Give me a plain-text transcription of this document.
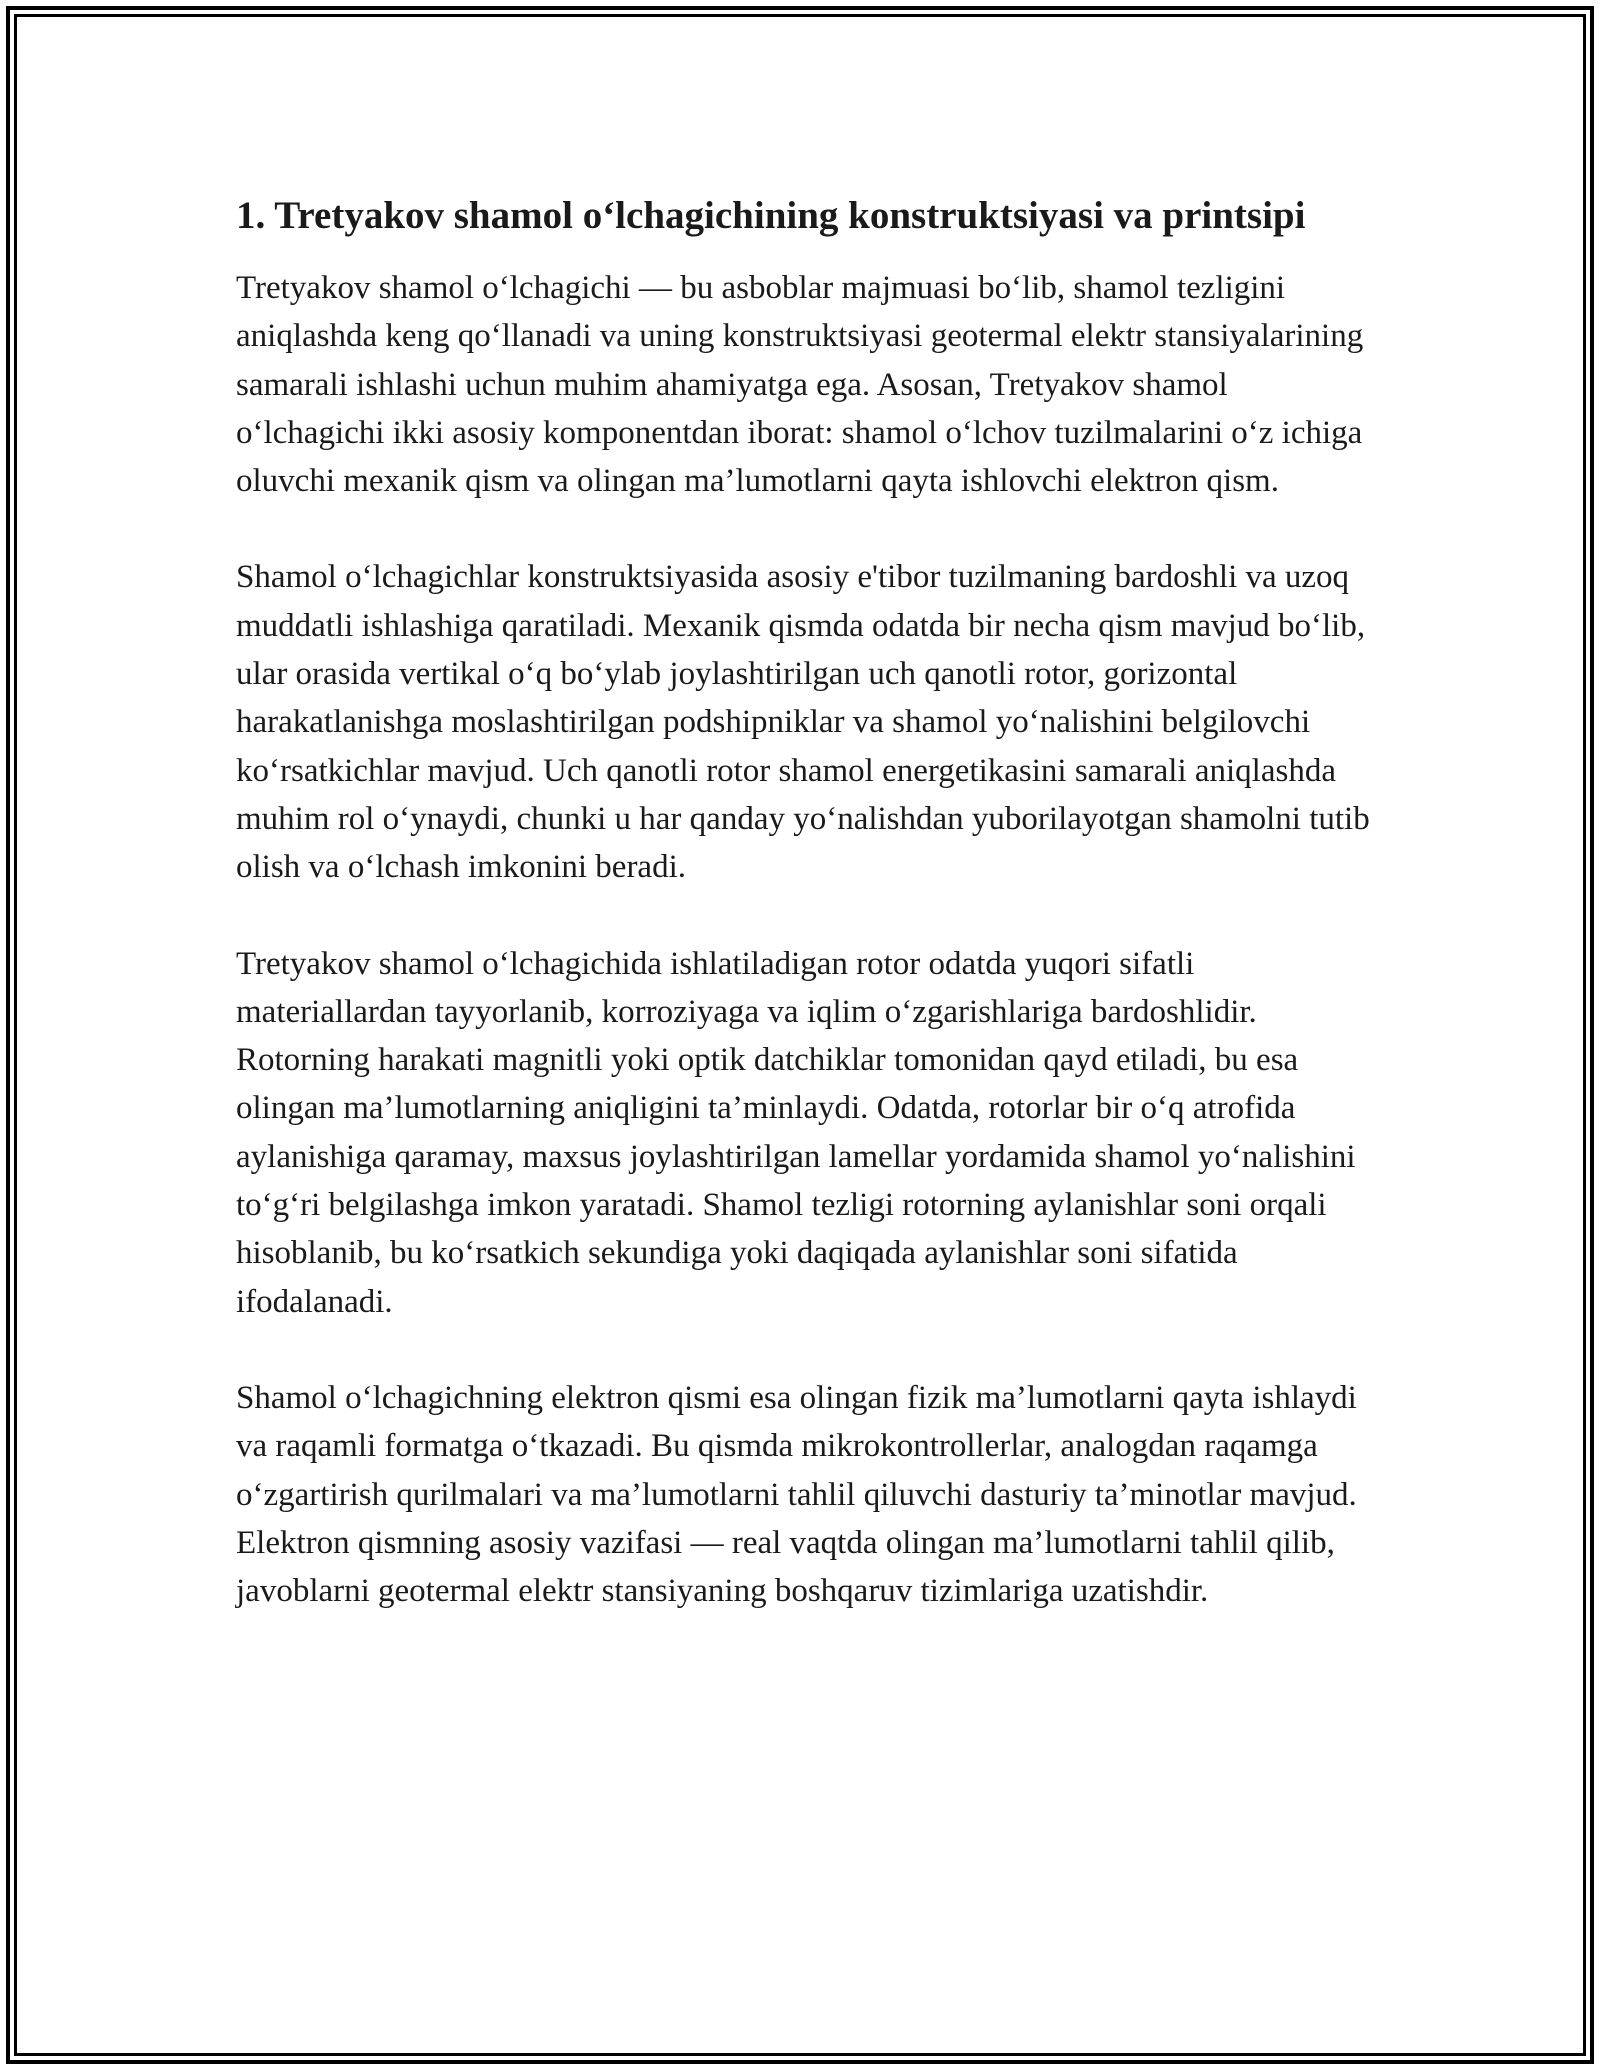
1. Tretyakov shamol o‘lchagichining konstruktsiyasi va printsipi

Tretyakov shamol o‘lchagichi — bu asboblar majmuasi bo‘lib, shamol tezligini aniqlashda keng qo‘llanadi va uning konstruktsiyasi geotermal elektr stansiyalarining samarali ishlashi uchun muhim ahamiyatga ega. Asosan, Tretyakov shamol o‘lchagichi ikki asosiy komponentdan iborat: shamol o‘lchov tuzilmalarini o‘z ichiga oluvchi mexanik qism va olingan ma’lumotlarni qayta ishlovchi elektron qism.

Shamol o‘lchagichlar konstruktsiyasida asosiy e'tibor tuzilmaning bardoshli va uzoq muddatli ishlashiga qaratiladi. Mexanik qismda odatda bir necha qism mavjud bo‘lib, ular orasida vertikal o‘q bo‘ylab joylashtirilgan uch qanotli rotor, gorizontal harakatlanishga moslashtirilgan podshipniklar va shamol yo‘nalishini belgilovchi ko‘rsatkichlar mavjud. Uch qanotli rotor shamol energetikasini samarali aniqlashda muhim rol o‘ynaydi, chunki u har qanday yo‘nalishdan yuborilayotgan shamolni tutib olish va o‘lchash imkonini beradi.

Tretyakov shamol o‘lchagichida ishlatiladigan rotor odatda yuqori sifatli materiallardan tayyorlanib, korroziyaga va iqlim o‘zgarishlariga bardoshlidir. Rotorning harakati magnitli yoki optik datchiklar tomonidan qayd etiladi, bu esa olingan ma’lumotlarning aniqligini ta’minlaydi. Odatda, rotorlar bir o‘q atrofida aylanishiga qaramay, maxsus joylashtirilgan lamellar yordamida shamol yo‘nalishini to‘g‘ri belgilashga imkon yaratadi. Shamol tezligi rotorning aylanishlar soni orqali hisoblanib, bu ko‘rsatkich sekundiga yoki daqiqada aylanishlar soni sifatida ifodalanadi.

Shamol o‘lchagichning elektron qismi esa olingan fizik ma’lumotlarni qayta ishlaydi va raqamli formatga o‘tkazadi. Bu qismda mikrokontrollerlar, analogdan raqamga o‘zgartirish qurilmalari va ma’lumotlarni tahlil qiluvchi dasturiy ta’minotlar mavjud. Elektron qismning asosiy vazifasi — real vaqtda olingan ma’lumotlarni tahlil qilib, javoblarni geotermal elektr stansiyaning boshqaruv tizimlariga uzatishdir.
